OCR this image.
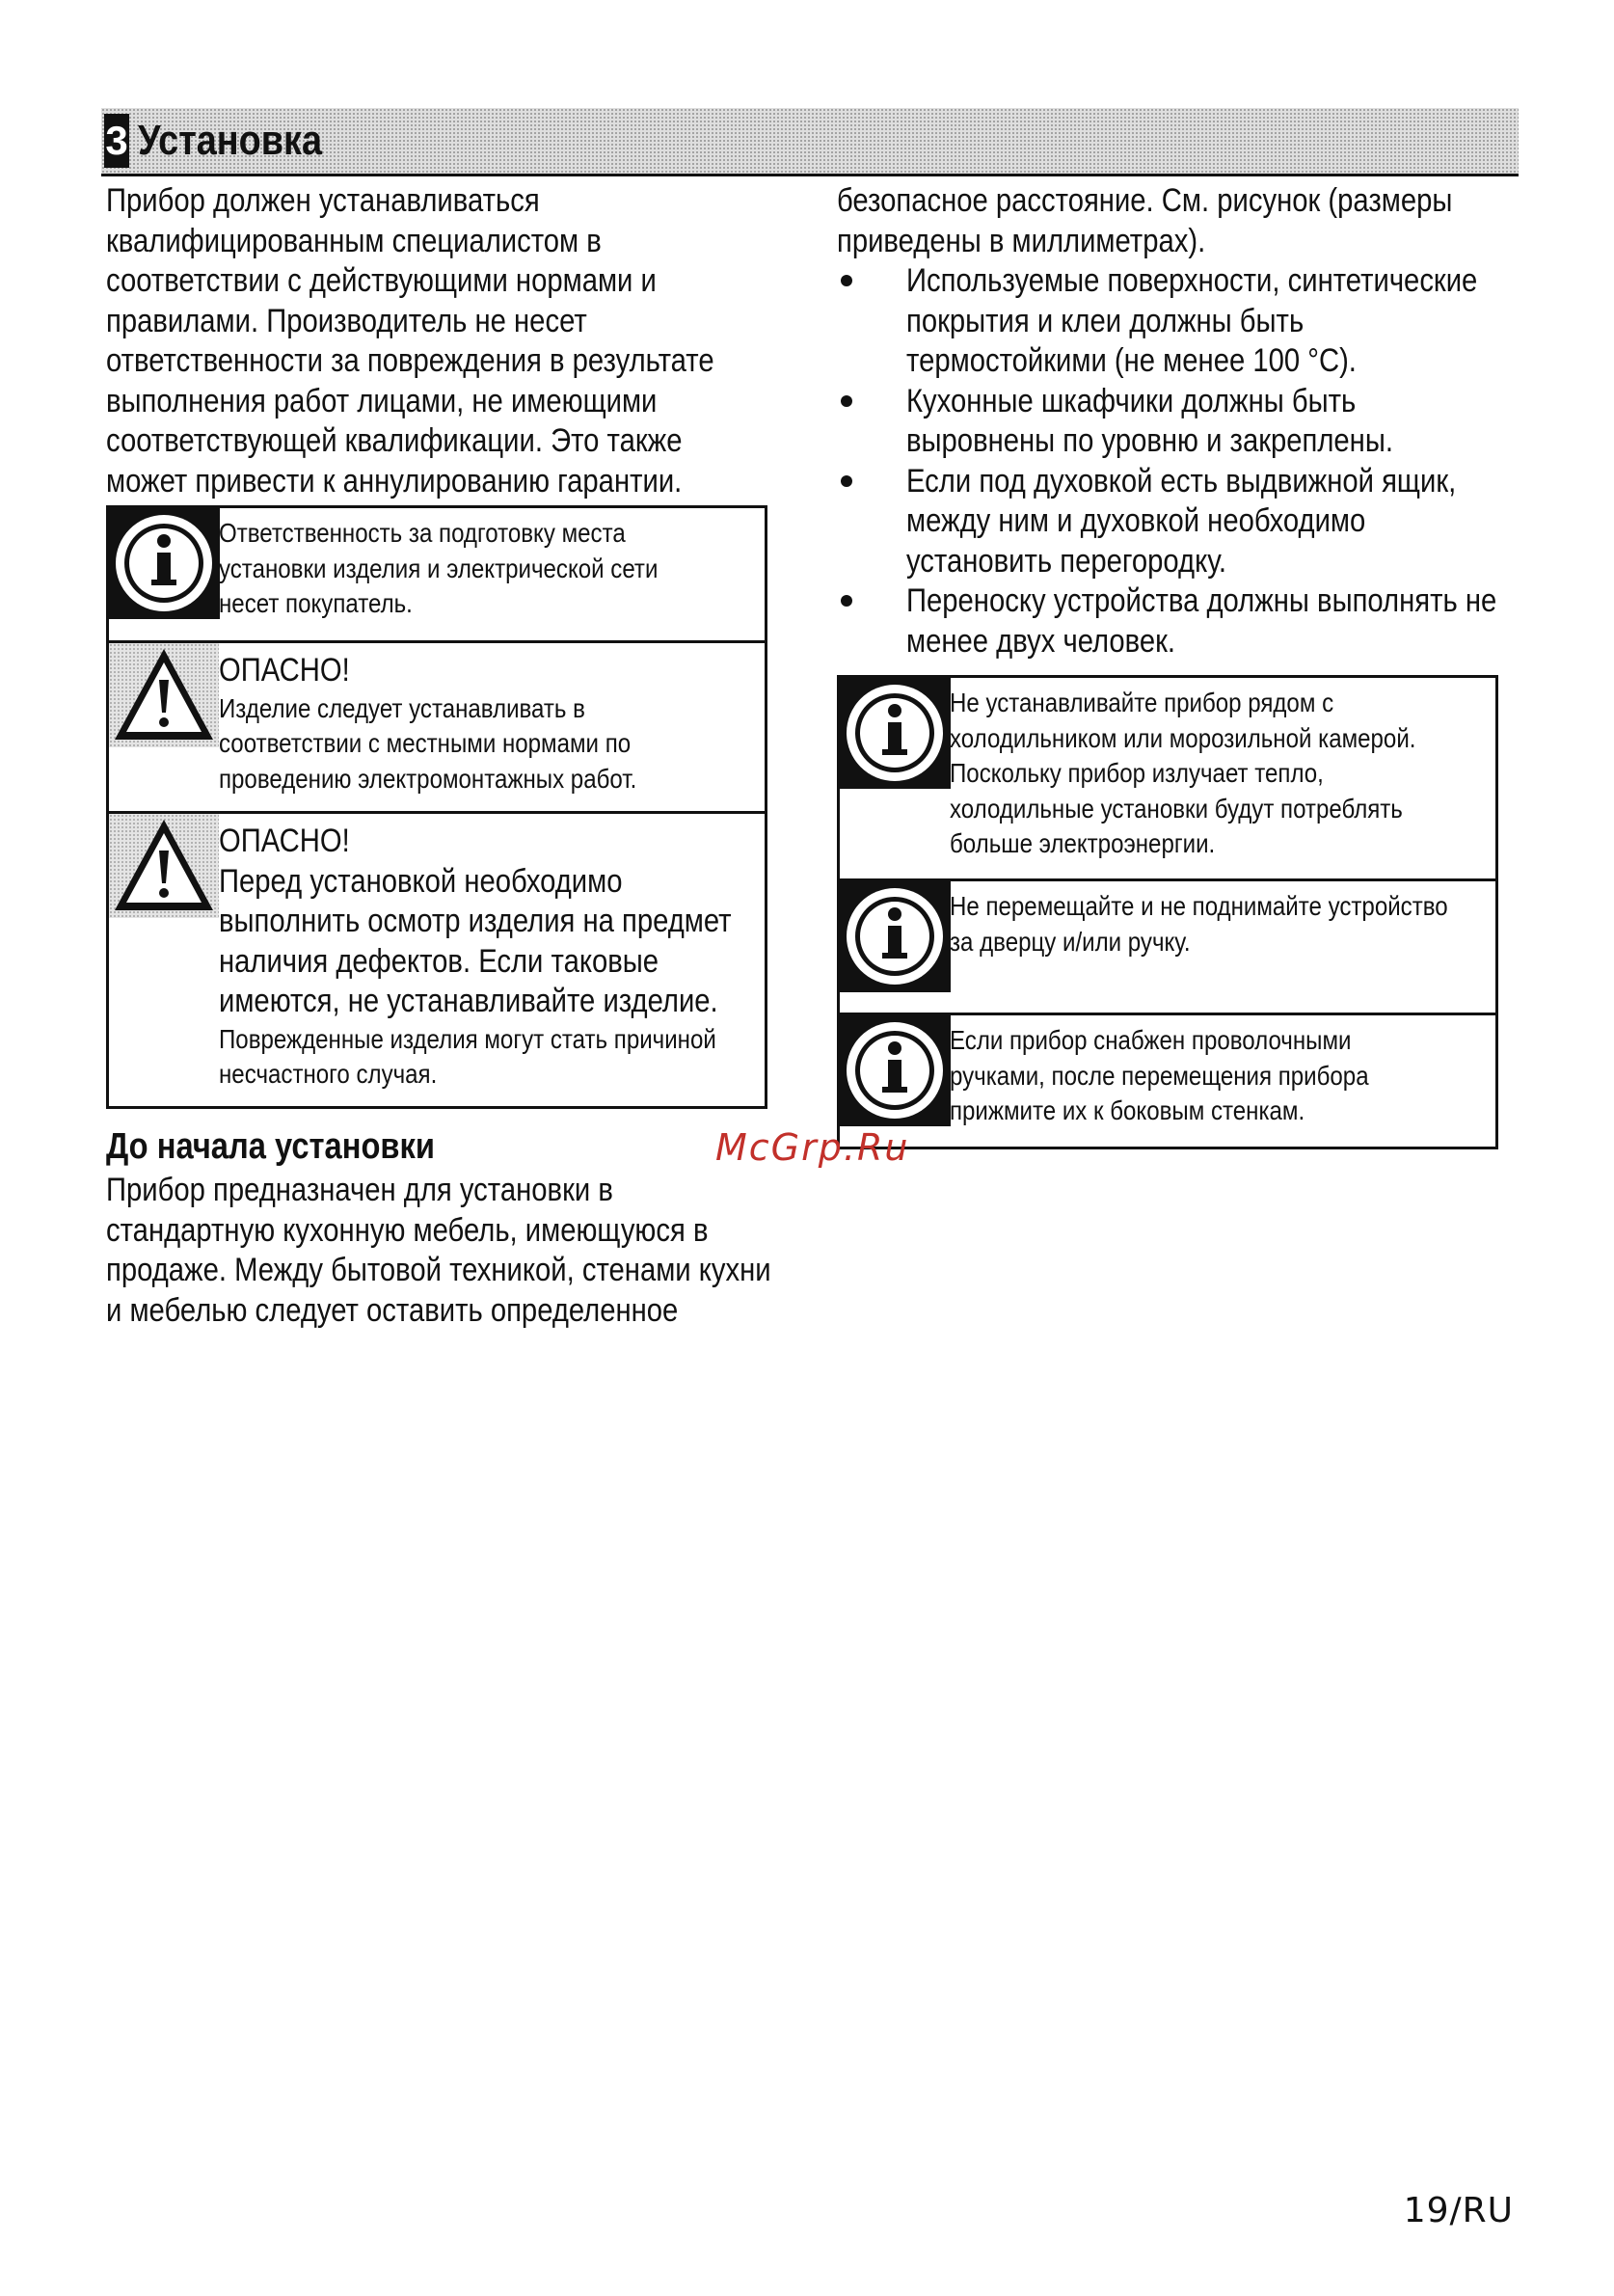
3 Установка

Прибор должен устанавливаться

квалифицированным специалистом в

соответствии с действующими нормами и

правилами. Производитель не несет

ответственности за повреждения в результате

выполнения работ лицами, не имеющими

соответствующей квалификации. Это также

может привести к аннулированию гарантии.

Ответственность за подготовку места
установки изделия и электрической сети
несет покупатель.
ОПАСНО!
Изделие следует устанавливать в
соответствии с местными нормами по
проведению электромонтажных работ.
ОПАСНО!
Перед установкой необходимо
выполнить осмотр изделия на предмет
наличия дефектов. Если таковые
имеются, не устанавливайте изделие.
Поврежденные изделия могут стать причиной
несчастного случая.
До начала установки

Прибор предназначен для установки в

стандартную кухонную мебель, имеющуюся в

продаже. Между бытовой техникой, стенами кухни

и мебелью следует оставить определенное

безопасное расстояние. См. рисунок (размеры

приведены в миллиметрах).

Используемые поверхности, синтетические

покрытия и клеи должны быть

термостойкими (не менее 100 °С).

Кухонные шкафчики должны быть

выровнены по уровню и закреплены.

Если под духовкой есть выдвижной ящик,

между ним и духовкой необходимо

установить перегородку.

Переноску устройства должны выполнять не

менее двух человек.

Не устанавливайте прибор рядом с
холодильником или морозильной камерой.
Поскольку прибор излучает тепло,
холодильные установки будут потреблять
больше электроэнергии.
Не перемещайте и не поднимайте устройство
за дверцу и/или ручку.
Если прибор снабжен проволочными
ручками, после перемещения прибора
прижмите их к боковым стенкам.
McGrp.Ru
19/RU
